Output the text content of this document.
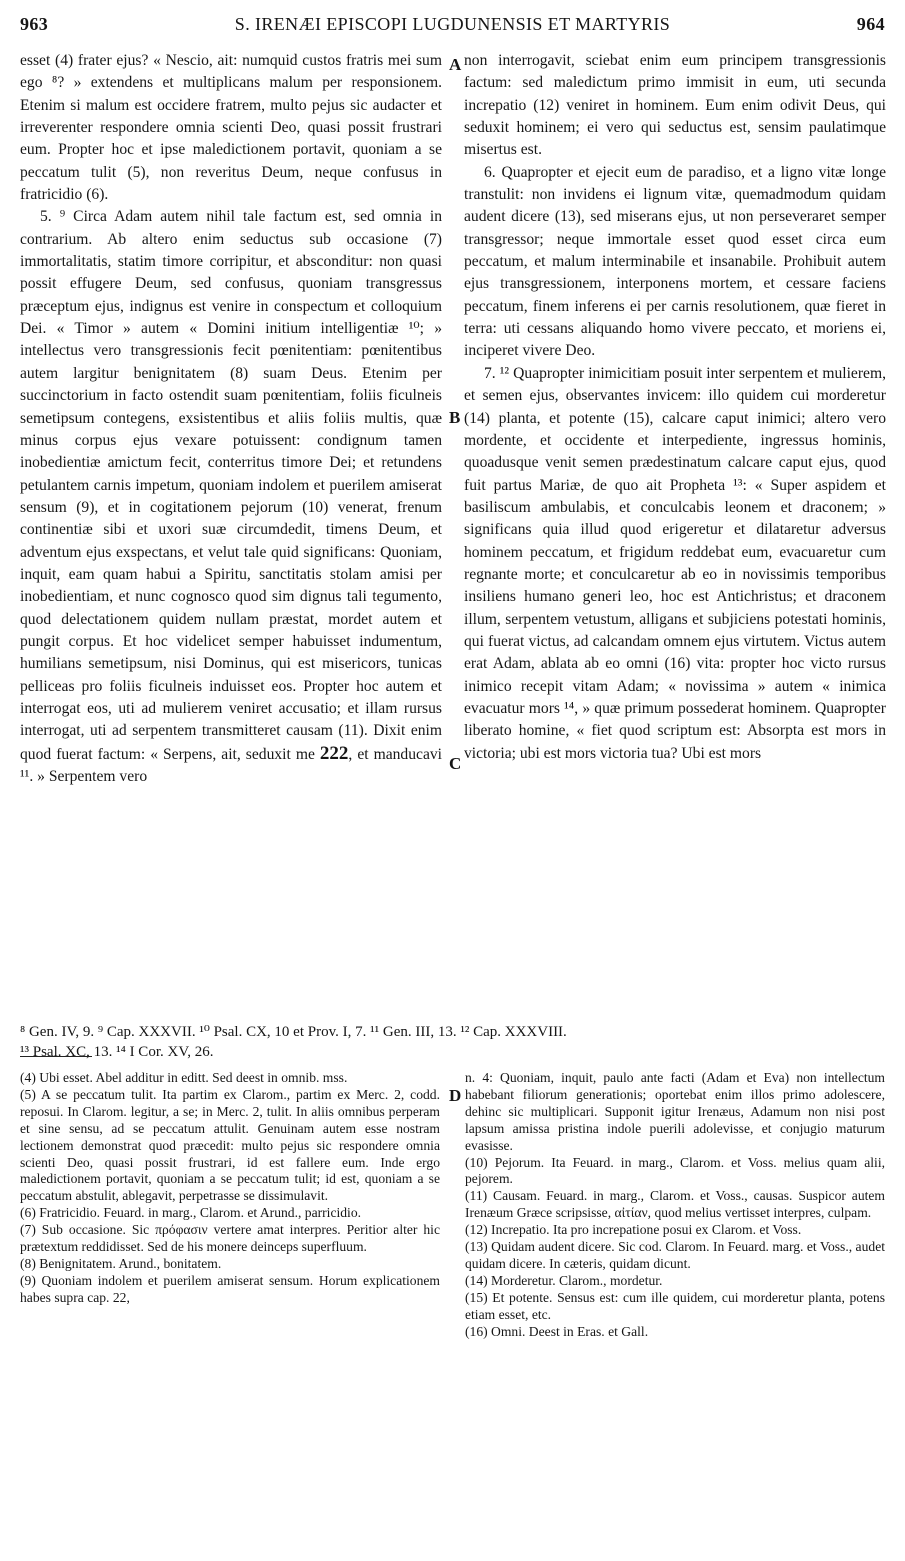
963	S. IRENÆI EPISCOPI LUGDUNENSIS ET MARTYRIS	964

esset (4) frater ejus? « Nescio, ait: numquid custos fratris mei sum ego ⁸? » extendens et multiplicans malum per responsionem. Etenim si malum est occidere fratrem, multo pejus sic audacter et irreverenter respondere omnia scienti Deo, quasi possit frustrari eum. Propter hoc et ipse maledictionem portavit, quoniam a se peccatum tulit (5), non reveritus Deum, neque confusus in fratricidio (6).

5. ⁹ Circa Adam autem nihil tale factum est, sed omnia in contrarium. Ab altero enim seductus sub occasione (7) immortalitatis, statim timore corripitur, et absconditur: non quasi possit effugere Deum, sed confusus, quoniam transgressus præceptum ejus, indignus est venire in conspectum et colloquium Dei. « Timor » autem « Domini initium intelligentiæ ¹⁰; » intellectus vero transgressionis fecit pœnitentiam: pœnitentibus autem largitur benignitatem (8) suam Deus. Etenim per succinctorium in facto ostendit suam pœnitentiam, foliis ficulneis semetipsum contegens, exsistentibus et aliis foliis multis, quæ minus corpus ejus vexare potuissent: condignum tamen inobedientiæ amictum fecit, conterritus timore Dei; et retundens petulantem carnis impetum, quoniam indolem et puerilem amiserat sensum (9), et in cogitationem pejorum (10) venerat, frenum continentiæ sibi et uxori suæ circumdedit, timens Deum, et adventum ejus exspectans, et velut tale quid significans: Quoniam, inquit, eam quam habui a Spiritu, sanctitatis stolam amisi per inobedientiam, et nunc cognosco quod sim dignus tali tegumento, quod delectationem quidem nullam præstat, mordet autem et pungit corpus. Et hoc videlicet semper habuisset indumentum, humilians semetipsum, nisi Dominus, qui est misericors, tunicas pelliceas pro foliis ficulneis induisset eos. Propter hoc autem et interrogat eos, uti ad mulierem veniret accusatio; et illam rursus interrogat, uti ad serpentem transmitteret causam (11). Dixit enim quod fuerat factum: « Serpens, ait, seduxit me 222, et manducavi ¹¹. » Serpentem vero

A
B
C
D

non interrogavit, sciebat enim eum principem transgressionis factum: sed maledictum primo immisit in eum, uti secunda increpatio (12) veniret in hominem. Eum enim odivit Deus, qui seduxit hominem; ei vero qui seductus est, sensim paulatimque misertus est.

6. Quapropter et ejecit eum de paradiso, et a ligno vitæ longe transtulit: non invidens ei lignum vitæ, quemadmodum quidam audent dicere (13), sed miserans ejus, ut non perseveraret semper transgressor; neque immortale esset quod esset circa eum peccatum, et malum interminabile et insanabile. Prohibuit autem ejus transgressionem, interponens mortem, et cessare faciens peccatum, finem inferens ei per carnis resolutionem, quæ fieret in terra: uti cessans aliquando homo vivere peccato, et moriens ei, inciperet vivere Deo.

7. ¹² Quapropter inimicitiam posuit inter serpentem et mulierem, et semen ejus, observantes invicem: illo quidem cui morderetur (14) planta, et potente (15), calcare caput inimici; altero vero mordente, et occidente et interpediente, ingressus hominis, quoadusque venit semen prædestinatum calcare caput ejus, quod fuit partus Mariæ, de quo ait Propheta ¹³: « Super aspidem et basiliscum ambulabis, et conculcabis leonem et draconem; » significans quia illud quod erigeretur et dilataretur adversus hominem peccatum, et frigidum reddebat eum, evacuaretur cum regnante morte; et conculcaretur ab eo in novissimis temporibus insiliens humano generi leo, hoc est Antichristus; et draconem illum, serpentem vetustum, alligans et subjiciens potestati hominis, qui fuerat victus, ad calcandam omnem ejus virtutem. Victus autem erat Adam, ablata ab eo omni (16) vita: propter hoc victo rursus inimico recepit vitam Adam; « novissima » autem « inimica evacuatur mors ¹⁴, » quæ primum possederat hominem. Quapropter liberato homine, « fiet quod scriptum est: Absorpta est mors in victoria; ubi est mors victoria tua? Ubi est mors

⁸ Gen. IV, 9. ⁹ Cap. XXXVII. ¹⁰ Psal. CX, 10 et Prov. I, 7. ¹¹ Gen. III, 13. ¹² Cap. XXXVIII.
¹³ Psal. XC, 13. ¹⁴ I Cor. XV, 26.

(4) Ubi esset. Abel additur in editt. Sed deest in omnib. mss.

(5) A se peccatum tulit. Ita partim ex Clarom., partim ex Merc. 2, codd. reposui. In Clarom. legitur, a se; in Merc. 2, tulit. In aliis omnibus perperam et sine sensu, ad se peccatum attulit. Genuinam autem esse nostram lectionem demonstrat quod præcedit: multo pejus sic respondere omnia scienti Deo, quasi possit frustrari, id est fallere eum. Inde ergo maledictionem portavit, quoniam a se peccatum tulit; id est, quoniam a se peccatum abstulit, ablegavit, perpetrasse se dissimulavit.

(6) Fratricidio. Feuard. in marg., Clarom. et Arund., parricidio.

(7) Sub occasione. Sic πρόφασιν vertere amat interpres. Peritior alter hic prætextum reddidisset. Sed de his monere deinceps superfluum.

(8) Benignitatem. Arund., bonitatem.

(9) Quoniam indolem et puerilem amiserat sensum. Horum explicationem habes supra cap. 22,

n. 4: Quoniam, inquit, paulo ante facti (Adam et Eva) non intellectum habebant filiorum generationis; oportebat enim illos primo adolescere, dehinc sic multiplicari. Supponit igitur Irenæus, Adamum non nisi post lapsum amissa pristina indole puerili adolevisse, et conjugio maturum evasisse.

(10) Pejorum. Ita Feuard. in marg., Clarom. et Voss. melius quam alii, pejorem.

(11) Causam. Feuard. in marg., Clarom. et Voss., causas. Suspicor autem Irenæum Græce scripsisse, αἰτίαν, quod melius vertisset interpres, culpam.

(12) Increpatio. Ita pro increpatione posui ex Clarom. et Voss.

(13) Quidam audent dicere. Sic cod. Clarom. In Feuard. marg. et Voss., audet quidam dicere. In cæteris, quidam dicunt.

(14) Morderetur. Clarom., mordetur.

(15) Et potente. Sensus est: cum ille quidem, cui morderetur planta, potens etiam esset, etc.

(16) Omni. Deest in Eras. et Gall.
